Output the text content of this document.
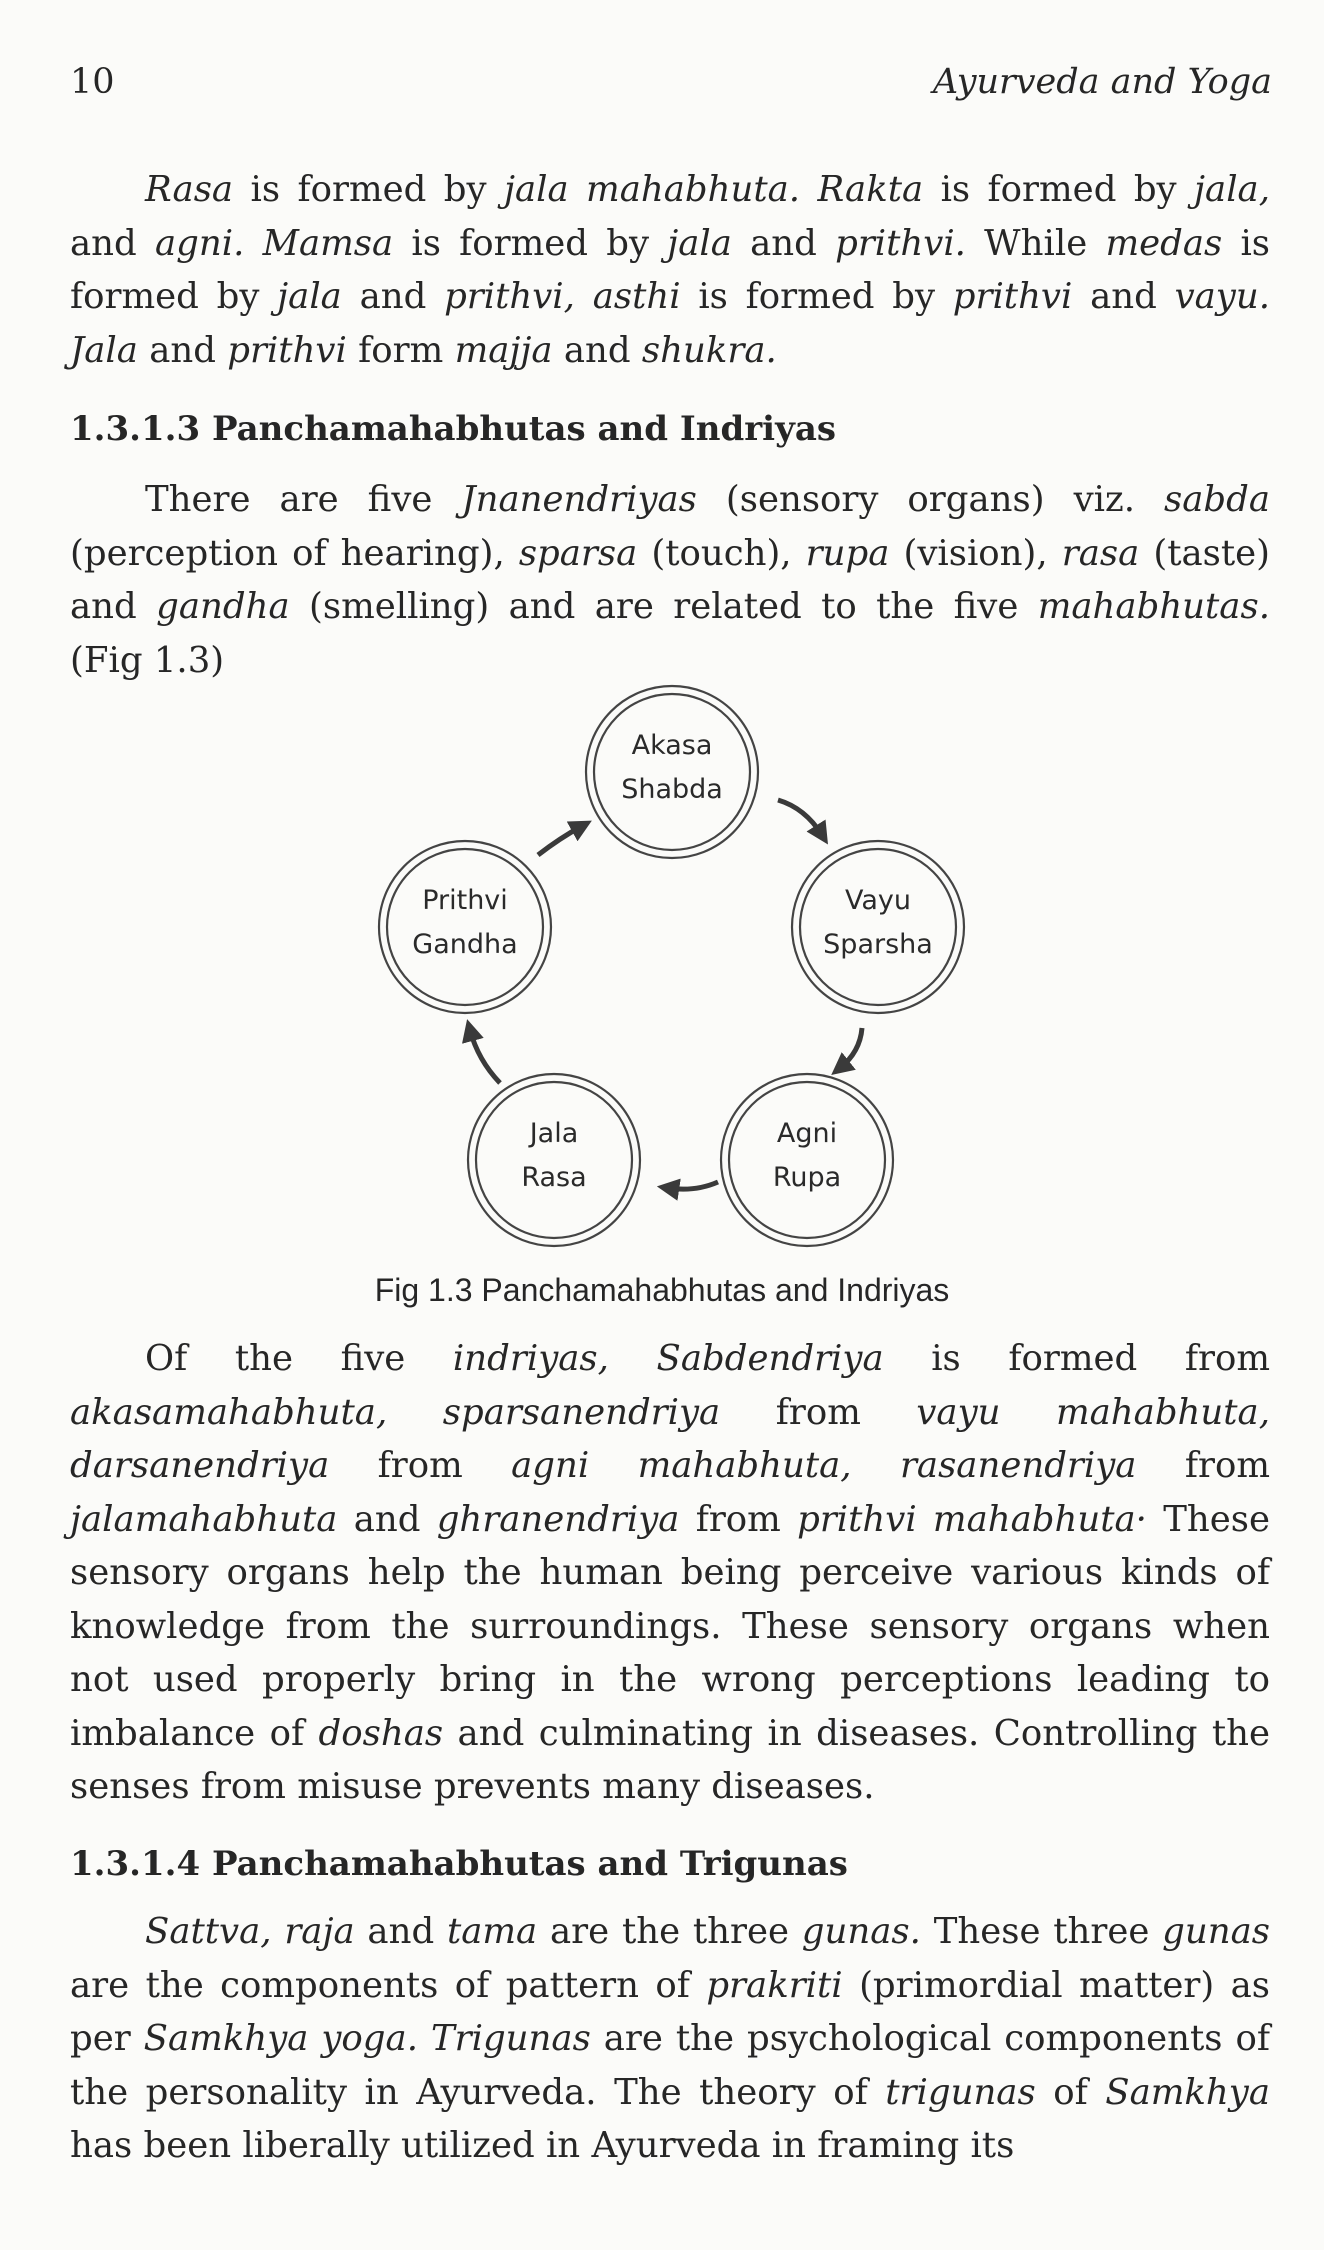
10	Ayurveda and Yoga

Rasa is formed by jala mahabhuta. Rakta is formed by jala, and agni. Mamsa is formed by jala and prithvi. While medas is formed by jala and prithvi, asthi is formed by prithvi and vayu. Jala and prithvi form majja and shukra.

1.3.1.3 Panchamahabhutas and Indriyas

There are five Jnanendriyas (sensory organs) viz. sabda (perception of hearing), sparsa (touch), rupa (vision), rasa (taste) and gandha (smelling) and are related to the five mahabhutas. (Fig 1.3)

Akasa
Shabda
Vayu
Sparsha
Agni
Rupa
Jala
Rasa
Prithvi
Gandha
Fig 1.3 Panchamahabhutas and Indriyas

Of the five indriyas, Sabdendriya is formed from akasamahabhuta, sparsanendriya from vayu mahabhuta, darsanendriya from agni mahabhuta, rasanendriya from jalamahabhuta and ghranendriya from prithvi mahabhuta· These sensory organs help the human being perceive various kinds of knowledge from the surroundings. These sensory organs when not used properly bring in the wrong perceptions leading to imbalance of doshas and culminating in diseases. Controlling the senses from misuse prevents many diseases.

1.3.1.4 Panchamahabhutas and Trigunas

Sattva, raja and tama are the three gunas. These three gunas are the components of pattern of prakriti (primordial matter) as per Samkhya yoga. Trigunas are the psychological components of the personality in Ayurveda. The theory of trigunas of Samkhya has been liberally utilized in Ayurveda in framing its
